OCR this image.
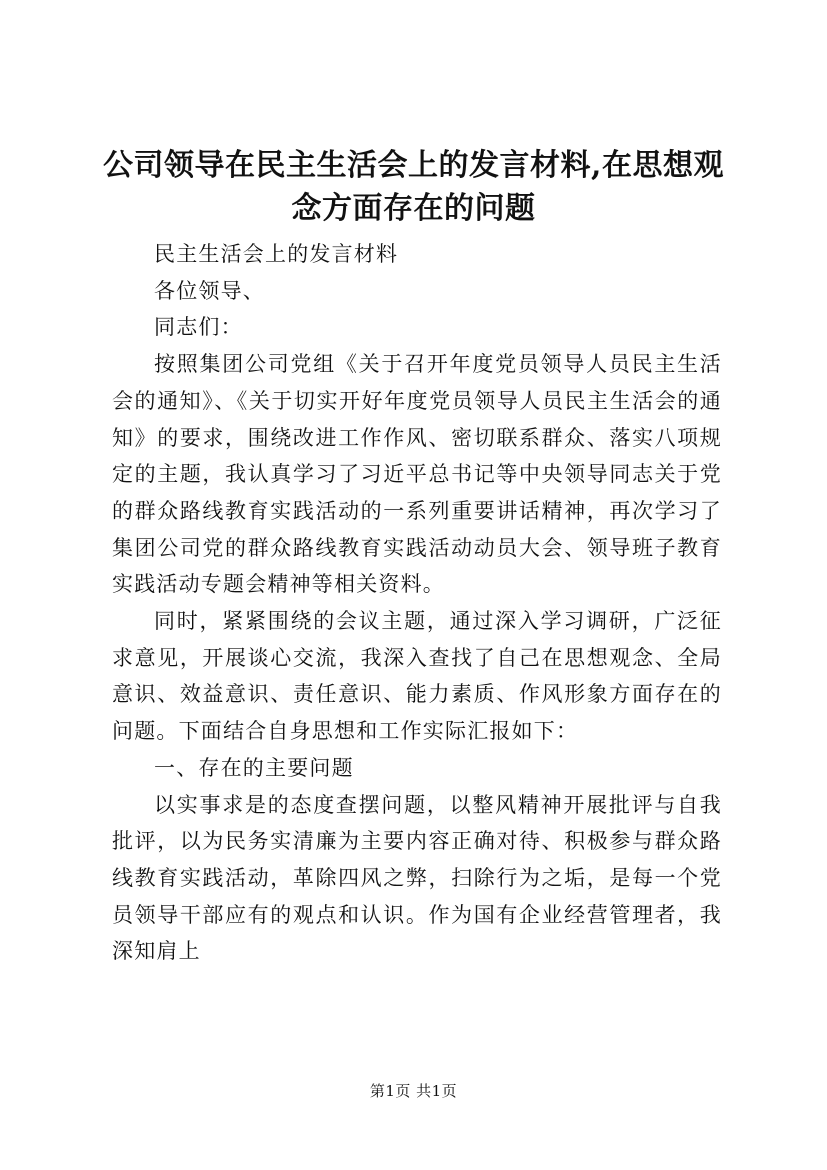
公司领导在民主生活会上的发言材料,在思想观念方面存在的问题

民主生活会上的发言材料

各位领导、

同志们：

按照集团公司党组《关于召开年度党员领导人员民主生活会的通知》、《关于切实开好年度党员领导人员民主生活会的通知》的要求，围绕改进工作作风、密切联系群众、落实八项规定的主题，我认真学习了习近平总书记等中央领导同志关于党的群众路线教育实践活动的一系列重要讲话精神，再次学习了集团公司党的群众路线教育实践活动动员大会、领导班子教育实践活动专题会精神等相关资料。

同时，紧紧围绕的会议主题，通过深入学习调研，广泛征求意见，开展谈心交流，我深入查找了自己在思想观念、全局意识、效益意识、责任意识、能力素质、作风形象方面存在的问题。下面结合自身思想和工作实际汇报如下：

一、存在的主要问题

以实事求是的态度查摆问题，以整风精神开展批评与自我批评，以为民务实清廉为主要内容正确对待、积极参与群众路线教育实践活动，革除四风之弊，扫除行为之垢，是每一个党员领导干部应有的观点和认识。作为国有企业经营管理者，我深知肩上

第1页 共1页
